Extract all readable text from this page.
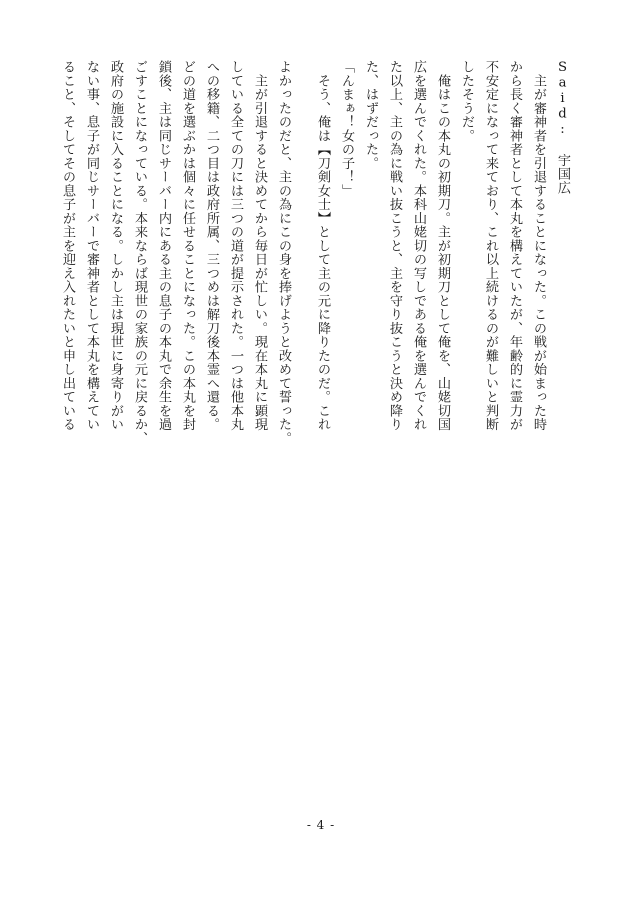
Said: 宇国広
　主が審神者を引退することになった。この戦が始まった時
から長く審神者として本丸を構えていたが、年齢的に霊力が
不安定になって来ており、これ以上続けるのが難しいと判断
したそうだ。
　俺はこの本丸の初期刀。主が初期刀として俺を、山姥切国
広を選んでくれた。本科山姥切の写しである俺を選んでくれ
た以上、主の為に戦い抜こうと、主を守り抜こうと決め降り
た、はずだった。
「んまぁ！女の子！」
　そう、俺は【刀剣女士】として主の元に降りたのだ。これ
よかったのだと、主の為にこの身を捧げようと改めて誓った。
　主が引退すると決めてから毎日が忙しい。現在本丸に顕現
している全ての刀には三つの道が提示された。一つは他本丸
への移籍、二つ目は政府所属、三つめは解刀後本霊へ還る。
どの道を選ぶかは個々に任せることになった。この本丸を封
鎖後、主は同じサーバー内にある主の息子の本丸で余生を過
ごすことになっている。本来ならば現世の家族の元に戻るか、
政府の施設に入ることになる。しかし主は現世に身寄りがい
ない事、息子が同じサーバーで審神者として本丸を構えてい
ること、そしてその息子が主を迎え入れたいと申し出ている
- 4 -
